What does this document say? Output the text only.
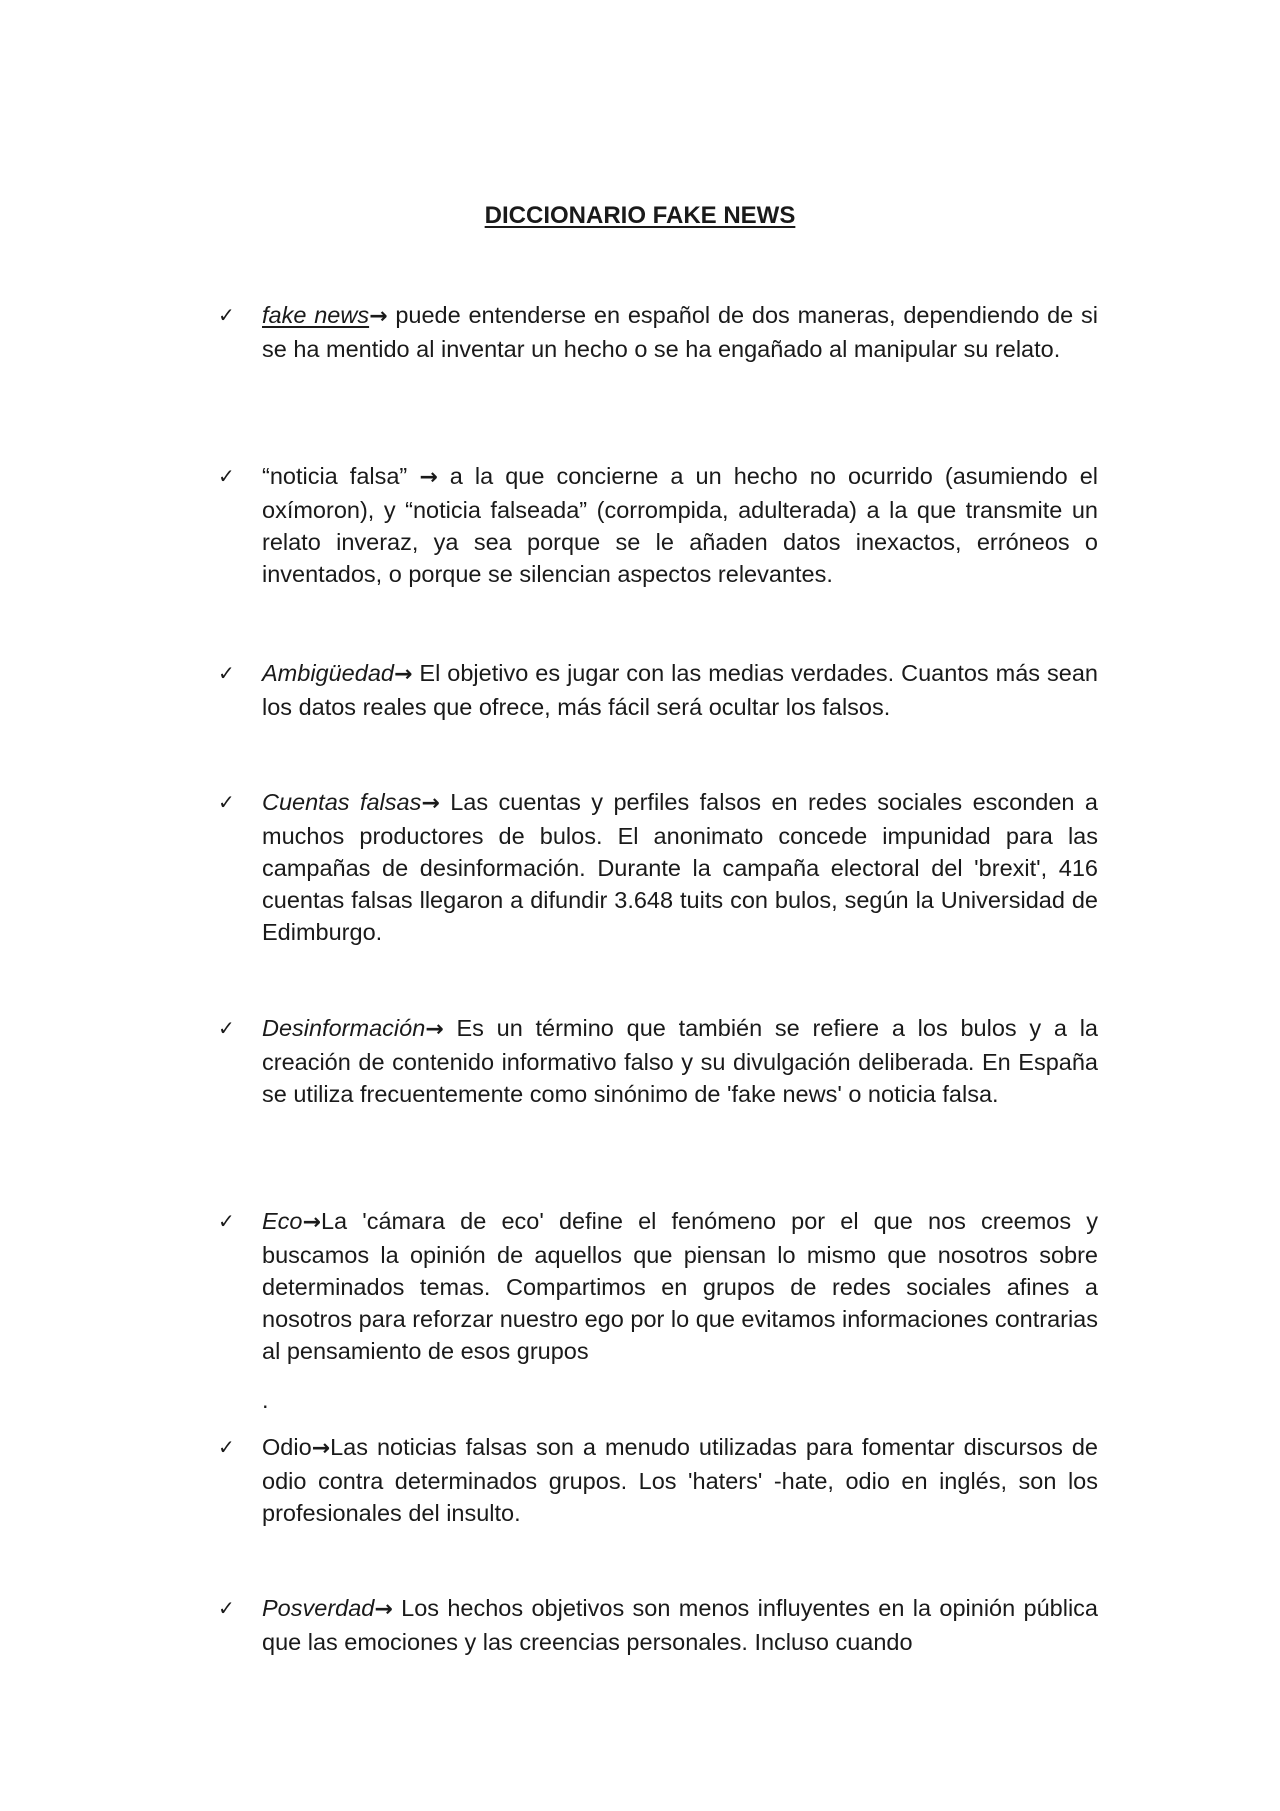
DICCIONARIO FAKE NEWS
✓ fake news→ puede entenderse en español de dos maneras, dependiendo de si se ha mentido al inventar un hecho o se ha engañado al manipular su relato.

✓ “noticia falsa” → a la que concierne a un hecho no ocurrido (asumiendo el oxímoron), y “noticia falseada” (corrompida, adulterada) a la que transmite un relato inveraz, ya sea porque se le añaden datos inexactos, erróneos o inventados, o porque se silencian aspectos relevantes.

✓ Ambigüedad→ El objetivo es jugar con las medias verdades. Cuantos más sean los datos reales que ofrece, más fácil será ocultar los falsos.

✓ Cuentas falsas→ Las cuentas y perfiles falsos en redes sociales esconden a muchos productores de bulos. El anonimato concede impunidad para las campañas de desinformación. Durante la campaña electoral del 'brexit', 416 cuentas falsas llegaron a difundir 3.648 tuits con bulos, según la Universidad de Edimburgo.

✓ Desinformación→ Es un término que también se refiere a los bulos y a la creación de contenido informativo falso y su divulgación deliberada. En España se utiliza frecuentemente como sinónimo de 'fake news' o noticia falsa.

✓ Eco→La 'cámara de eco' define el fenómeno por el que nos creemos y buscamos la opinión de aquellos que piensan lo mismo que nosotros sobre determinados temas. Compartimos en grupos de redes sociales afines a nosotros para reforzar nuestro ego por lo que evitamos informaciones contrarias al pensamiento de esos grupos

✓ Odio→Las noticias falsas son a menudo utilizadas para fomentar discursos de odio contra determinados grupos. Los 'haters' -hate, odio en inglés, son los profesionales del insulto.

✓ Posverdad→ Los hechos objetivos son menos influyentes en la opinión pública que las emociones y las creencias personales. Incluso cuando

.
